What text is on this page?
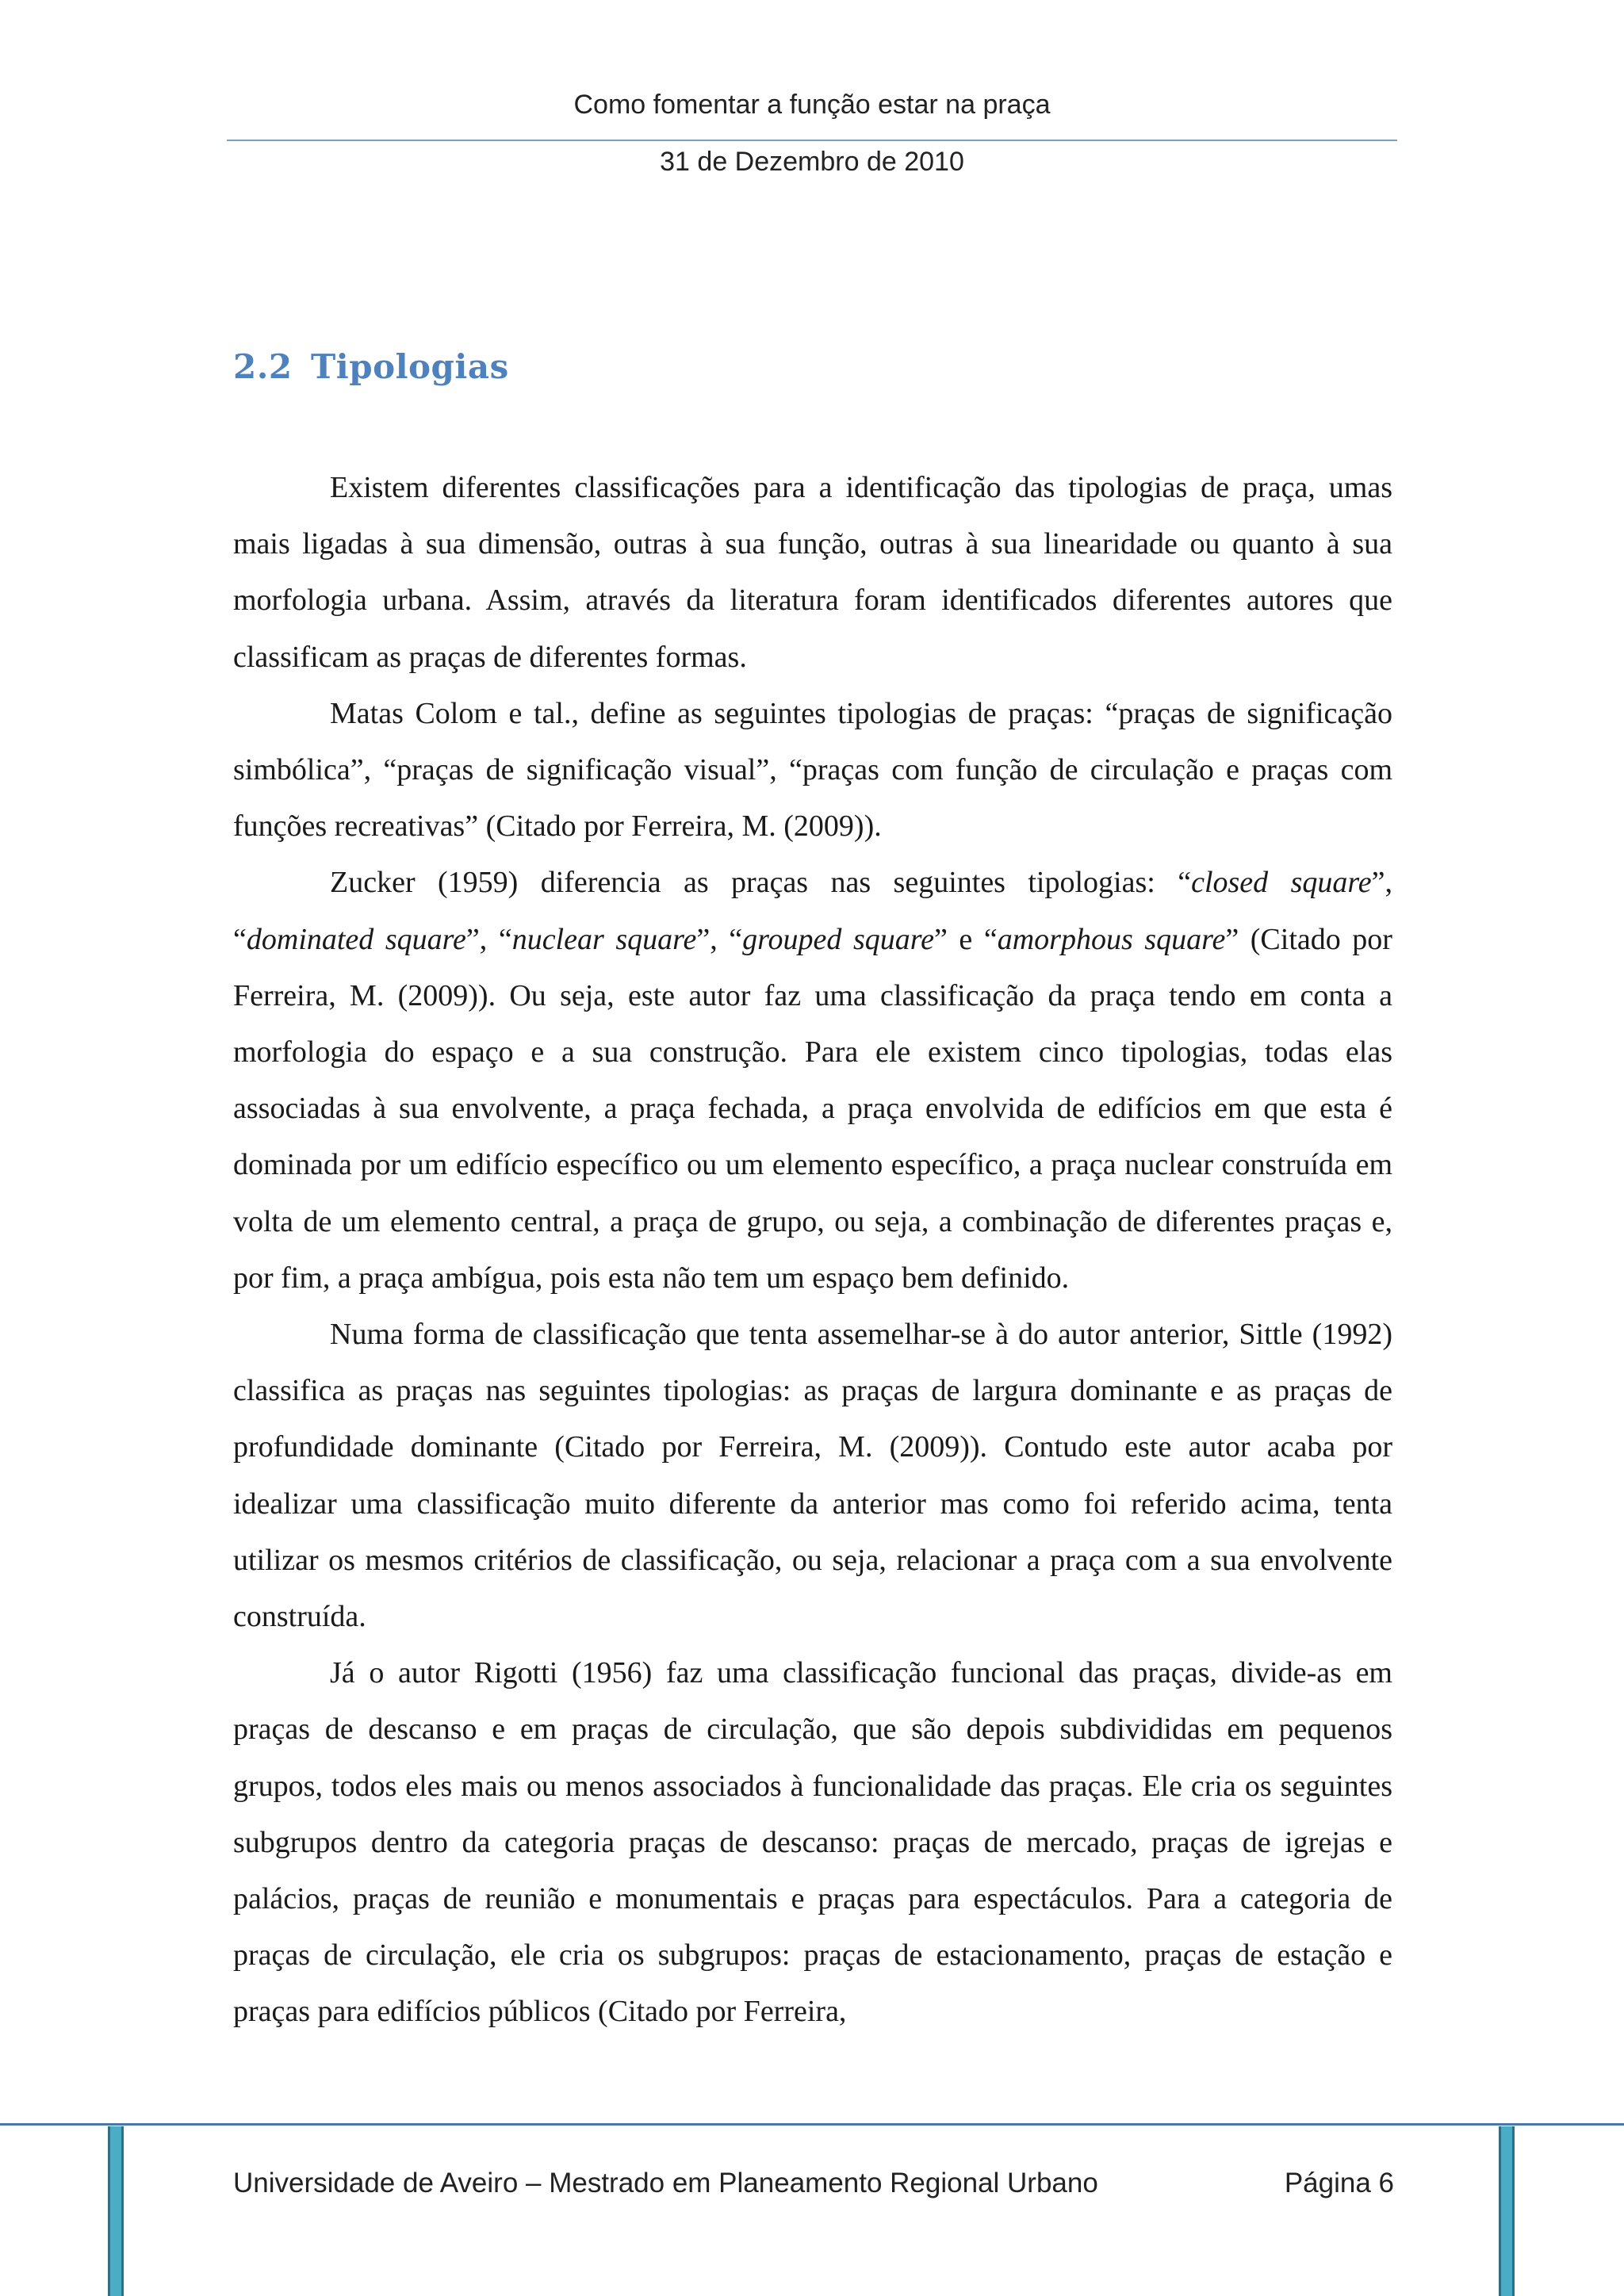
Como fomentar a função estar na praça
31 de Dezembro de 2010
2.2 Tipologias

Existem diferentes classificações para a identificação das tipologias de praça, umas mais ligadas à sua dimensão, outras à sua função, outras à sua linearidade ou quanto à sua morfologia urbana. Assim, através da literatura foram identificados diferentes autores que classificam as praças de diferentes formas.

Matas Colom e tal., define as seguintes tipologias de praças: “praças de significação simbólica”, “praças de significação visual”, “praças com função de circulação e praças com funções recreativas” (Citado por Ferreira, M. (2009)).

Zucker (1959) diferencia as praças nas seguintes tipologias: “closed square”, “dominated square”, “nuclear square”, “grouped square” e “amorphous square” (Citado por Ferreira, M. (2009)). Ou seja, este autor faz uma classificação da praça tendo em conta a morfologia do espaço e a sua construção. Para ele existem cinco tipologias, todas elas associadas à sua envolvente, a praça fechada, a praça envolvida de edifícios em que esta é dominada por um edifício específico ou um elemento específico, a praça nuclear construída em volta de um elemento central, a praça de grupo, ou seja, a combinação de diferentes praças e, por fim, a praça ambígua, pois esta não tem um espaço bem definido.

Numa forma de classificação que tenta assemelhar-se à do autor anterior, Sittle (1992) classifica as praças nas seguintes tipologias: as praças de largura dominante e as praças de profundidade dominante (Citado por Ferreira, M. (2009)). Contudo este autor acaba por idealizar uma classificação muito diferente da anterior mas como foi referido acima, tenta utilizar os mesmos critérios de classificação, ou seja, relacionar a praça com a sua envolvente construída.

Já o autor Rigotti (1956) faz uma classificação funcional das praças, divide-as em praças de descanso e em praças de circulação, que são depois subdivididas em pequenos grupos, todos eles mais ou menos associados à funcionalidade das praças. Ele cria os seguintes subgrupos dentro da categoria praças de descanso: praças de mercado, praças de igrejas e palácios, praças de reunião e monumentais e praças para espectáculos. Para a categoria de praças de circulação, ele cria os subgrupos: praças de estacionamento, praças de estação e praças para edifícios públicos (Citado por Ferreira,

Universidade de Aveiro – Mestrado em Planeamento Regional Urbano	Página 6
